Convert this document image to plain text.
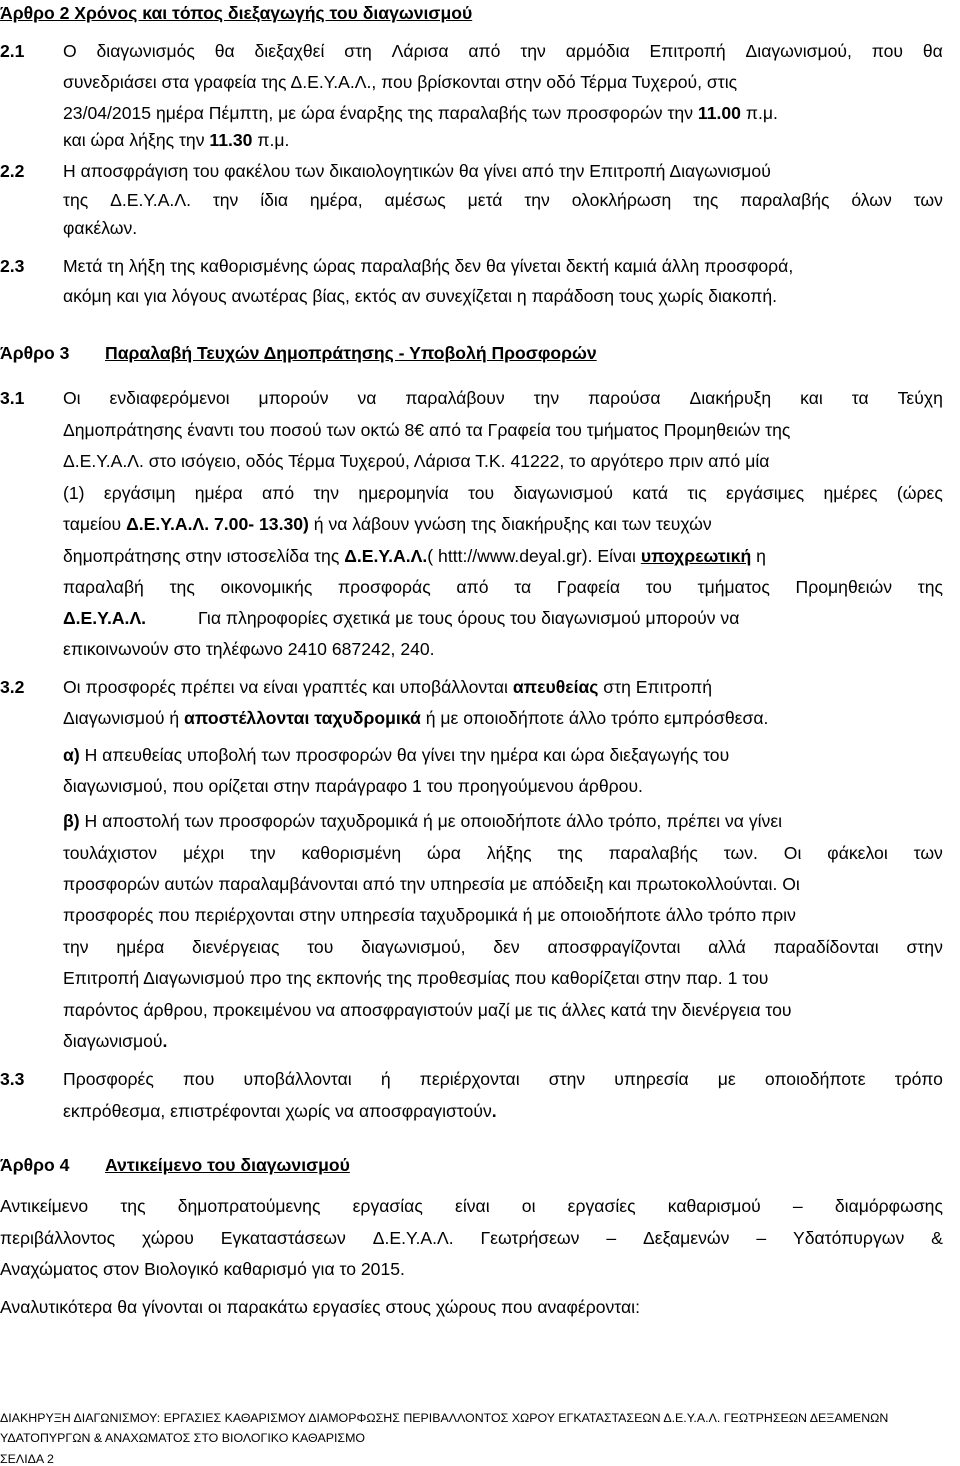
Άρθρο 2 Χρόνος και τόπος διεξαγωγής του διαγωνισμού
2.1 Ο διαγωνισμός θα διεξαχθεί στη Λάρισα από την αρμόδια Επιτροπή Διαγωνισμού, που θα
συνεδριάσει στα γραφεία της Δ.Ε.Υ.Α.Λ., που βρίσκονται στην οδό Τέρμα Τυχερού, στις
23/04/2015 ημέρα Πέμπτη, με ώρα έναρξης της παραλαβής των προσφορών την 11.00 π.μ.
και ώρα λήξης την 11.30 π.μ.
2.2 Η αποσφράγιση του φακέλου των δικαιολογητικών θα γίνει από την Επιτροπή Διαγωνισμού
της Δ.Ε.Υ.Α.Λ. την ίδια ημέρα, αμέσως μετά την ολοκλήρωση της παραλαβής όλων των
φακέλων.
2.3 Μετά τη λήξη της καθορισμένης ώρας παραλαβής δεν θα γίνεται δεκτή καμιά άλλη προσφορά,
ακόμη και για λόγους ανωτέρας βίας, εκτός αν συνεχίζεται η παράδοση τους χωρίς διακοπή.
Άρθρο 3 Παραλαβή Τευχών Δημοπράτησης - Υποβολή Προσφορών
3.1 Οι ενδιαφερόμενοι μπορούν να παραλάβουν την παρούσα Διακήρυξη και τα Τεύχη
Δημοπράτησης έναντι του ποσού των οκτώ 8€ από τα Γραφεία του τμήματος Προμηθειών της
Δ.Ε.Υ.Α.Λ. στο ισόγειο, οδός Τέρμα Τυχερού, Λάρισα Τ.Κ. 41222, το αργότερο πριν από μία
(1) εργάσιμη ημέρα από την ημερομηνία του διαγωνισμού κατά τις εργάσιμες ημέρες (ώρες
ταμείου Δ.Ε.Υ.Α.Λ. 7.00- 13.30) ή να λάβουν γνώση της διακήρυξης και των τευχών
δημοπράτησης στην ιστοσελίδα της Δ.Ε.Υ.Α.Λ.( httt://www.deyal.gr). Είναι υποχρεωτική η
παραλαβή της οικονομικής προσφοράς από τα Γραφεία του τμήματος Προμηθειών της
Δ.Ε.Υ.Α.Λ.	Για πληροφορίες σχετικά με τους όρους του διαγωνισμού μπορούν να
επικοινωνούν στο τηλέφωνο 2410 687242, 240.
3.2 Οι προσφορές πρέπει να είναι γραπτές και υποβάλλονται απευθείας στη Επιτροπή
Διαγωνισμού ή αποστέλλονται ταχυδρομικά ή με οποιοδήποτε άλλο τρόπο εμπρόσθεσα.
α) Η απευθείας υποβολή των προσφορών θα γίνει την ημέρα και ώρα διεξαγωγής του
διαγωνισμού, που ορίζεται στην παράγραφο 1 του προηγούμενου άρθρου.
β) Η αποστολή των προσφορών ταχυδρομικά ή με οποιοδήποτε άλλο τρόπο, πρέπει να γίνει
τουλάχιστον μέχρι την καθορισμένη ώρα λήξης της παραλαβής των. Οι φάκελοι των
προσφορών αυτών παραλαμβάνονται από την υπηρεσία με απόδειξη και πρωτοκολλούνται. Οι
προσφορές που περιέρχονται στην υπηρεσία ταχυδρομικά ή με οποιοδήποτε άλλο τρόπο πριν
την ημέρα διενέργειας του διαγωνισμού, δεν αποσφραγίζονται αλλά παραδίδονται στην
Επιτροπή Διαγωνισμού προ της εκπονής της προθεσμίας που καθορίζεται στην παρ. 1 του
παρόντος άρθρου, προκειμένου να αποσφραγιστούν μαζί με τις άλλες κατά την διενέργεια του
διαγωνισμού.
3.3 Προσφορές που υποβάλλονται ή περιέρχονται στην υπηρεσία με οποιοδήποτε τρόπο
εκπρόθεσμα, επιστρέφονται χωρίς να αποσφραγιστούν.
Άρθρο 4 Αντικείμενο του διαγωνισμού
Αντικείμενο της δημοπρατούμενης εργασίας είναι οι εργασίες καθαρισμού – διαμόρφωσης
περιβάλλοντος χώρου Εγκαταστάσεων Δ.Ε.Υ.Α.Λ. Γεωτρήσεων – Δεξαμενών – Υδατόπυργων &
Αναχώματος στον Βιολογικό καθαρισμό για το 2015.
Αναλυτικότερα θα γίνονται οι παρακάτω εργασίες στους χώρους που αναφέρονται:
ΔΙΑΚΗΡΥΞΗ ΔΙΑΓΩΝΙΣΜΟΥ: ΕΡΓΑΣΙΕΣ ΚΑΘΑΡΙΣΜΟΥ ΔΙΑΜΟΡΦΩΣΗΣ ΠΕΡΙΒΑΛΛΟΝΤΟΣ ΧΩΡΟΥ ΕΓΚΑΤΑΣΤΑΣΕΩΝ Δ.Ε.Υ.Α.Λ. ΓΕΩΤΡΗΣΕΩΝ ΔΕΞΑΜΕΝΩΝ
ΥΔΑΤΟΠΥΡΓΩΝ & ΑΝΑΧΩΜΑΤΟΣ ΣΤΟ ΒΙΟΛΟΓΙΚΟ ΚΑΘΑΡΙΣΜΟ
ΣΕΛΙΔΑ 2
